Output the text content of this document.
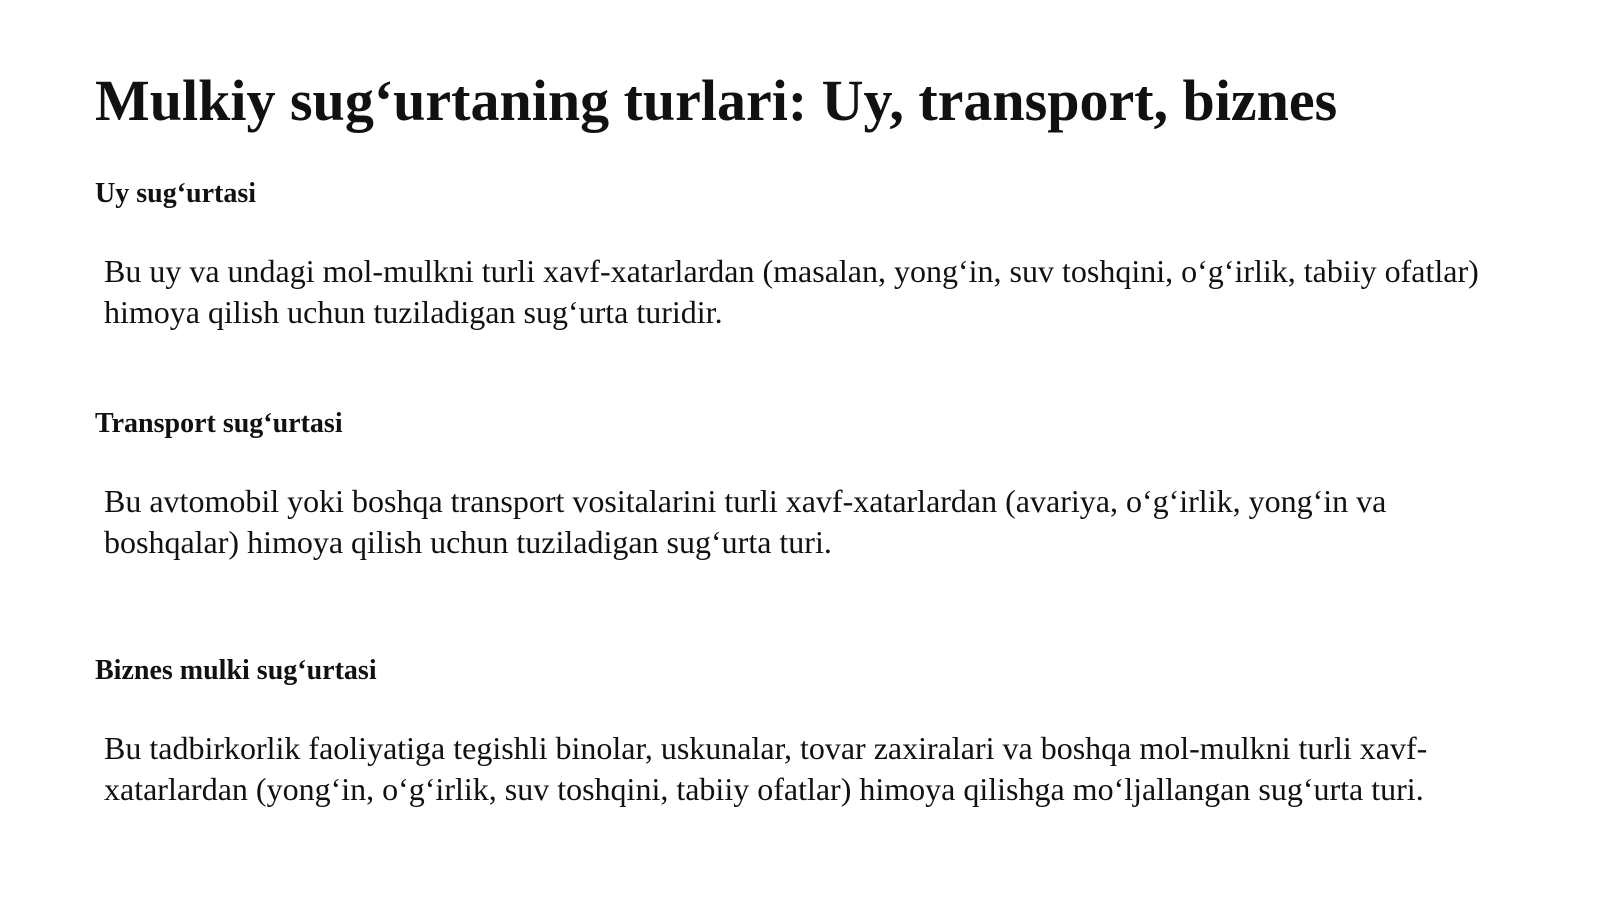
Mulkiy sug‘urtaning turlari: Uy, transport, biznes
Uy sug‘urtasi

Bu uy va undagi mol-mulkni turli xavf-xatarlardan (masalan, yong‘in, suv toshqini, o‘g‘irlik, tabiiy ofatlar) himoya qilish uchun tuziladigan sug‘urta turidir.

Transport sug‘urtasi

Bu avtomobil yoki boshqa transport vositalarini turli xavf-xatarlardan (avariya, o‘g‘irlik, yong‘in va boshqalar) himoya qilish uchun tuziladigan sug‘urta turi.

Biznes mulki sug‘urtasi

Bu tadbirkorlik faoliyatiga tegishli binolar, uskunalar, tovar zaxiralari va boshqa mol-mulkni turli xavf-xatarlardan (yong‘in, o‘g‘irlik, suv toshqini, tabiiy ofatlar) himoya qilishga mo‘ljallangan sug‘urta turi.
